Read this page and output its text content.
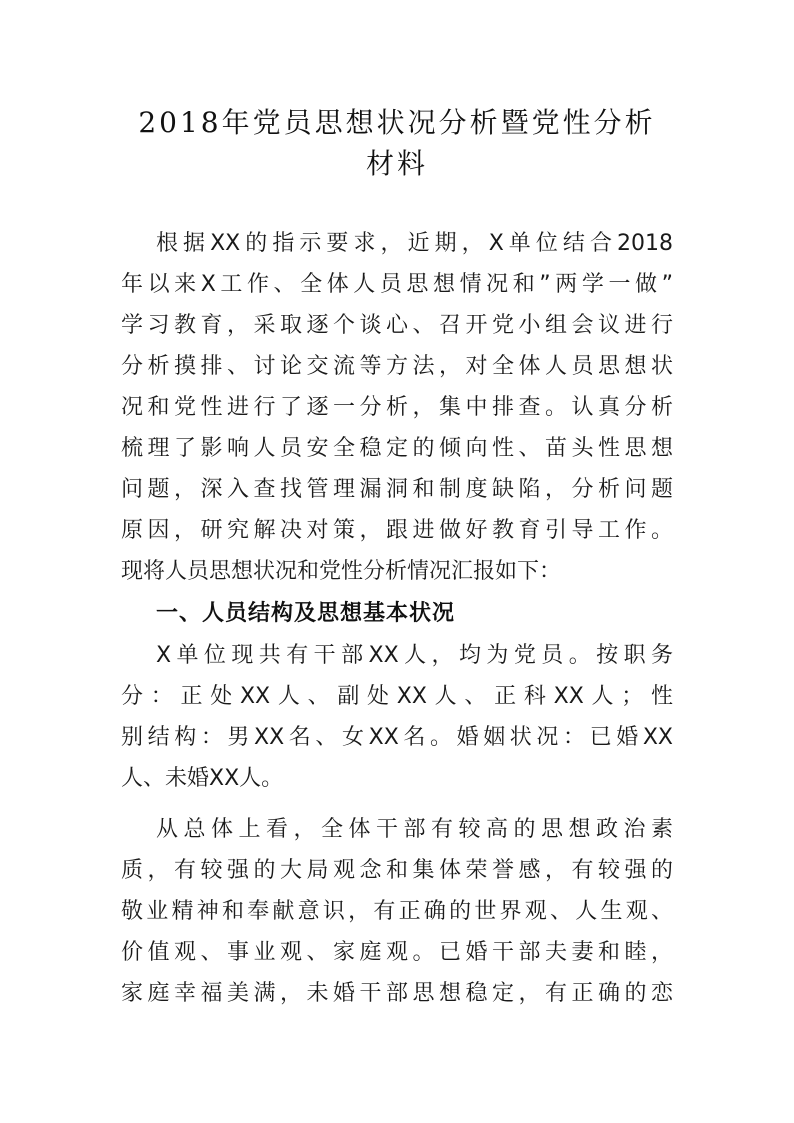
2018年党员思想状况分析暨党性分析
材料
根据XX的指示要求，近期，X单位结合2018
年以来X工作、全体人员思想情况和”两学一做”
学习教育，采取逐个谈心、召开党小组会议进行
分析摸排、讨论交流等方法，对全体人员思想状
况和党性进行了逐一分析，集中排查。认真分析
梳理了影响人员安全稳定的倾向性、苗头性思想
问题，深入查找管理漏洞和制度缺陷，分析问题
原因，研究解决对策，跟进做好教育引导工作。
现将人员思想状况和党性分析情况汇报如下：
一、人员结构及思想基本状况
X单位现共有干部XX人，均为党员。按职务
分：正处XX人、副处XX人、正科XX人；性
别结构：男XX名、女XX名。婚姻状况：已婚XX
人、未婚XX人。
从总体上看，全体干部有较高的思想政治素
质，有较强的大局观念和集体荣誉感，有较强的
敬业精神和奉献意识，有正确的世界观、人生观、
价值观、事业观、家庭观。已婚干部夫妻和睦，
家庭幸福美满，未婚干部思想稳定，有正确的恋
